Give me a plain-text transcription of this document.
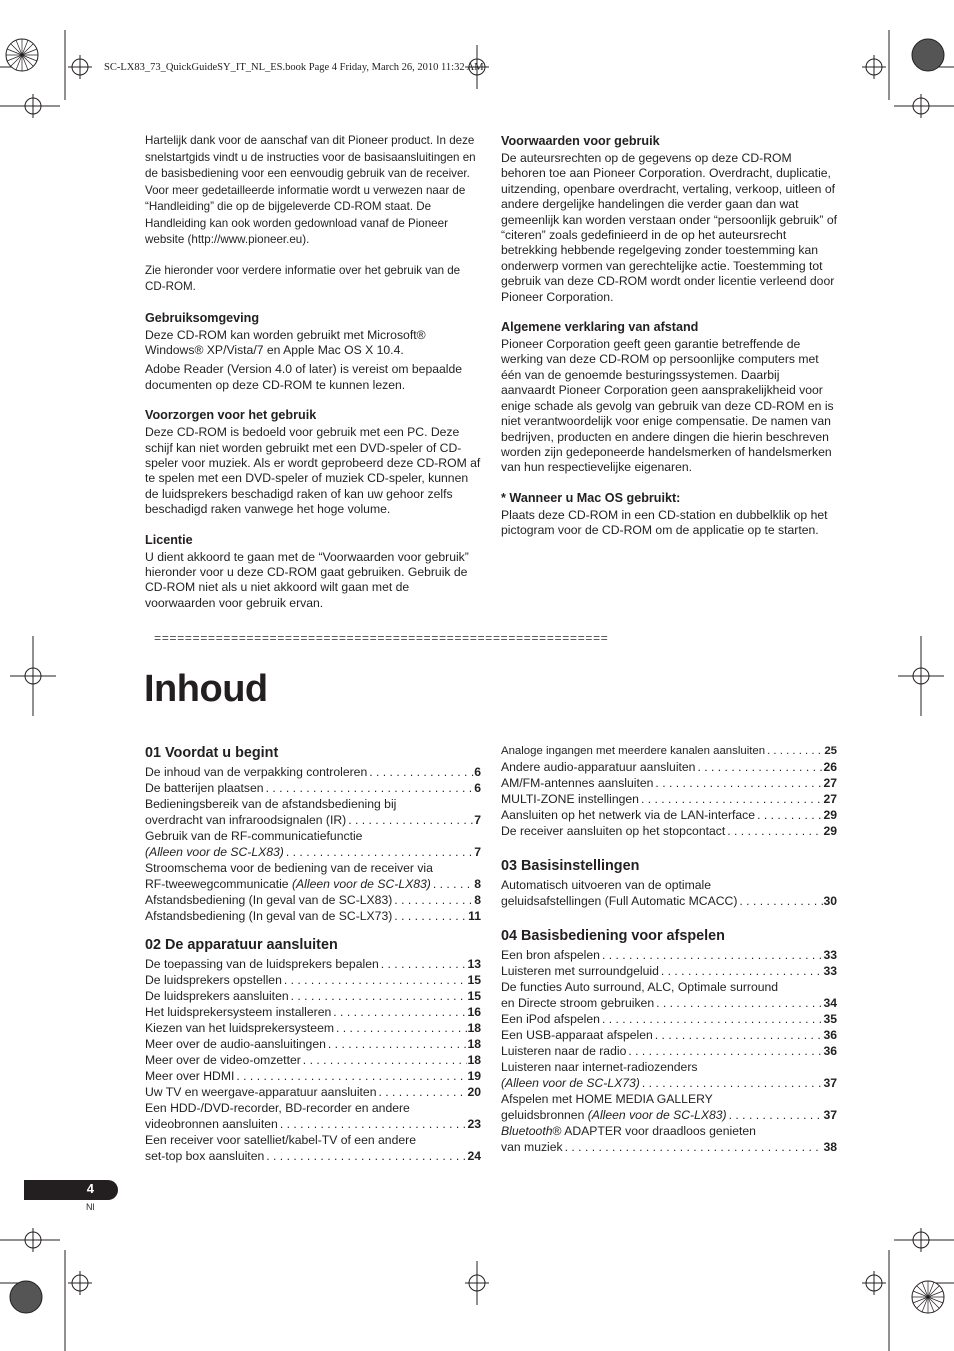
SC-LX83_73_QuickGuideSY_IT_NL_ES.book Page 4 Friday, March 26, 2010 11:32 AM

Hartelijk dank voor de aanschaf van dit Pioneer product. In deze snelstartgids vindt u de instructies voor de basisaansluitingen en de basisbediening voor een eenvoudig gebruik van de receiver. Voor meer gedetailleerde informatie wordt u verwezen naar de “Handleiding” die op de bijgeleverde CD-ROM staat. De Handleiding kan ook worden gedownload vanaf de Pioneer website (http://www.pioneer.eu).

Zie hieronder voor verdere informatie over het gebruik van de CD-ROM.

Gebruiksomgeving

Deze CD-ROM kan worden gebruikt met Microsoft® Windows® XP/Vista/7 en Apple Mac OS X 10.4.

Adobe Reader (Version 4.0 of later) is vereist om bepaalde documenten op deze CD-ROM te kunnen lezen.

Voorzorgen voor het gebruik

Deze CD-ROM is bedoeld voor gebruik met een PC. Deze schijf kan niet worden gebruikt met een DVD-speler of CD-speler voor muziek. Als er wordt geprobeerd deze CD-ROM af te spelen met een DVD-speler of muziek CD-speler, kunnen de luidsprekers beschadigd raken of kan uw gehoor zelfs beschadigd raken vanwege het hoge volume.

Licentie

U dient akkoord te gaan met de “Voorwaarden voor gebruik” hieronder voor u deze CD-ROM gaat gebruiken. Gebruik de CD-ROM niet als u niet akkoord wilt gaan met de voorwaarden voor gebruik ervan.

Voorwaarden voor gebruik

De auteursrechten op de gegevens op deze CD-ROM behoren toe aan Pioneer Corporation. Overdracht, duplicatie, uitzending, openbare overdracht, vertaling, verkoop, uitleen of andere dergelijke handelingen die verder gaan dan wat gemeenlijk kan worden verstaan onder “persoonlijk gebruik” of “citeren” zoals gedefinieerd in de op het auteursrecht betrekking hebbende regelgeving zonder toestemming kan onderwerp vormen van gerechtelijke actie. Toestemming tot gebruik van deze CD-ROM wordt onder licentie verleend door Pioneer Corporation.

Algemene verklaring van afstand

Pioneer Corporation geeft geen garantie betreffende de werking van deze CD-ROM op persoonlijke computers met één van de genoemde besturingssystemen. Daarbij aanvaardt Pioneer Corporation geen aansprakelijkheid voor enige schade als gevolg van gebruik van deze CD-ROM en is niet verantwoordelijk voor enige compensatie. De namen van bedrijven, producten en andere dingen die hierin beschreven worden zijn gedeponeerde handelsmerken of handelsmerken van hun respectievelijke eigenaren.

* Wanneer u Mac OS gebruikt:

Plaats deze CD-ROM in een CD-station en dubbelklik op het pictogram voor de CD-ROM om de applicatie op te starten.

===========================================================
Inhoud
01 Voordat u begint
De inhoud van de verpakking controleren . . .	6
De batterijen plaatsen . . .	6
Bedieningsbereik van de afstandsbediening bij
overdracht van infraroodsignalen (IR) . . .	7
Gebruik van de RF-communicatiefunctie
(Alleen voor de SC-LX83) . . .	7
Stroomschema voor de bediening van de receiver via
RF-tweewegcommunicatie
(Alleen voor de SC-LX83) . . .	8
Afstandsbediening (In geval van de SC-LX83) . . .	8
Afstandsbediening (In geval van de SC-LX73) . . .	11
02 De apparatuur aansluiten
De toepassing van de luidsprekers bepalen . . .	13
De luidsprekers opstellen . . .	15
De luidsprekers aansluiten . . .	15
Het luidsprekersysteem installeren . . .	16
Kiezen van het luidsprekersysteem . . .	18
Meer over de audio-aansluitingen . . .	18
Meer over de video-omzetter . . .	18
Meer over HDMI . . .	19
Uw TV en weergave-apparatuur aansluiten . . .	20
Een HDD-/DVD-recorder, BD-recorder en andere
videobronnen aansluiten . . .	23
Een receiver voor satelliet/kabel-TV of een andere
set-top box aansluiten . . .	24
Analoge ingangen met meerdere kanalen aansluiten . . .	25
Andere audio-apparatuur aansluiten . . .	26
AM/FM-antennes aansluiten . . .	27
MULTI-ZONE instellingen . . .	27
Aansluiten op het netwerk via de LAN-interface . . .	29
De receiver aansluiten op het stopcontact . . .	29
03 Basisinstellingen
Automatisch uitvoeren van de optimale
geluidsafstellingen (Full Automatic MCACC) . . .	30
04 Basisbediening voor afspelen
Een bron afspelen . . .	33
Luisteren met surroundgeluid . . .	33
De functies Auto surround, ALC, Optimale surround
en Directe stroom gebruiken . . .	34
Een iPod afspelen . . .	35
Een USB-apparaat afspelen . . .	36
Luisteren naar de radio . . .	36
Luisteren naar internet-radiozenders
(Alleen voor de SC-LX73) . . .	37
Afspelen met HOME MEDIA GALLERY
geluidsbronnen
(Alleen voor de SC-LX83) . . .	37
Bluetooth® ADAPTER voor draadloos genieten
van muziek . . .	38
4
Nl
